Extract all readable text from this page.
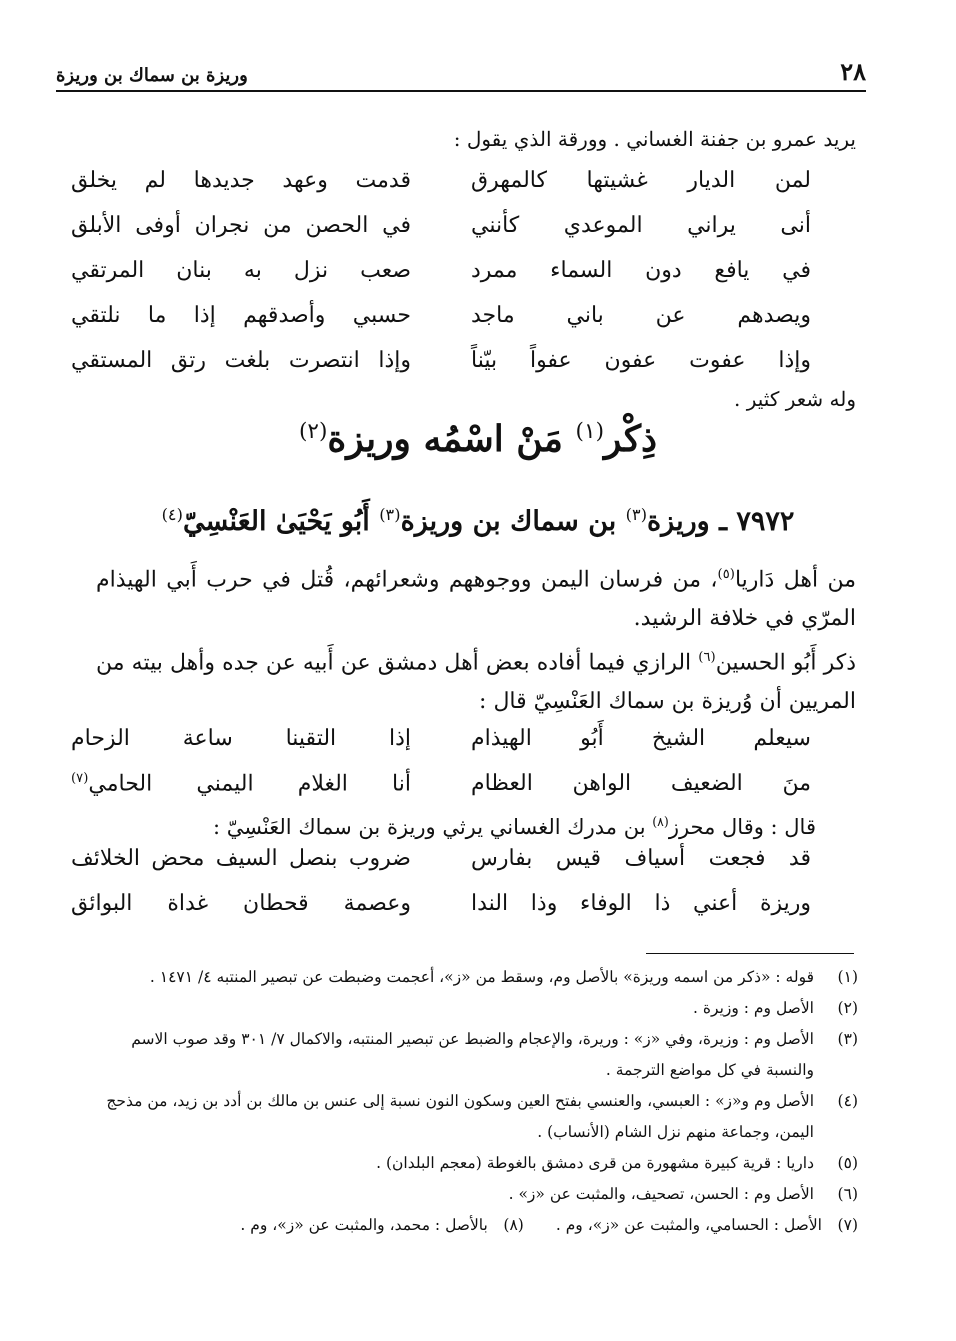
٢٨
وريزة بن سماك بن وريزة
يريد عمرو بن جفنة الغساني . وورقة الذي يقول :
لمن الديار غشيتها كالمهرق
قدمت وعهد جديدها لم يخلق
أنى يراني الموعدي كأنني
في الحصن من نجران أوفى الأبلق
في يافع دون السماء ممرد
صعب نزل به بنان المرتقي
ويصدهم عن باني ماجد
حسبي وأصدقهم إذا ما نلتقي
وإذا عفوت عفون عفواً بيّناً
وإذا انتصرت بلغت رتق المستقي
وله شعر كثير .
ذِكْر$^{(١)}$ مَنْ اسْمُه وريزة$^{(٢)}$
٧٩٧٢ ـ وريزة$^{(٣)}$ بن سماك بن وريزة$^{(٣)}$ أَبُو يَحْيَىٰ العَنْسِيّ$^{(٤)}$
من أهل دَاريا$^{(٥)}$، من فرسان اليمن ووجوههم وشعرائهم، قُتل في حرب أَبي الهيذام المرّي في خلافة الرشيد.
ذكر أَبُو الحسين$^{(٦)}$ الرازي فيما أفاده بعض أهل دمشق عن أَبيه عن جده وأهل بيته من المريين أن وُريزة بن سماك العَنْسِيّ قال :
سيعلم الشيخ أَبُو الهيذام
إذا التقينا ساعة الزحام
منَ الضعيف الواهن العظام
أنا الغلام اليمني الحامي$^{(٧)}$
قال : وقال محرز$^{(٨)}$ بن مدرك الغساني يرثي وريزة بن سماك العَنْسِيّ :
قد فجعت أسياف قيس بفارس
ضروب بنصل السيف محض الخلائف
وريزة أعني ذا الوفاء وذا الندا
وعصمة قحطان غداة البوائق
(١)
قوله : «ذكر من اسمه وريزة» بالأصل وم، وسقط من «ز»، أعجمت وضبطت عن تبصير المنتبه ٤/ ١٤٧١ .
(٢)
الأصل وم : وزيرة .
(٣)
الأصل وم : وزيرة، وفي «ز» : وريرة، والإعجام والضبط عن تبصير المنتبه، والاكمال ٧/ ٣٠١ وقد صوب الاسم والنسبة في كل مواضع الترجمة .
(٤)
الأصل وم و«ز» : العبسي، والعنسي بفتح العين وسكون النون نسبة إلى عنس بن مالك بن أدد بن زيد، من مذحج اليمن، وجماعة منهم نزل الشام (الأنساب) .
(٥)
داريا : قرية كبيرة مشهورة من قرى دمشق بالغوطة (معجم البلدان) .
(٦)
الأصل وم : الحسن، تصحيف، والمثبت عن «ز» .
(٧)
الأصل : الحسامي، والمثبت عن «ز»، وم .
(٨)
بالأصل : محمد، والمثبت عن «ز»، وم .
